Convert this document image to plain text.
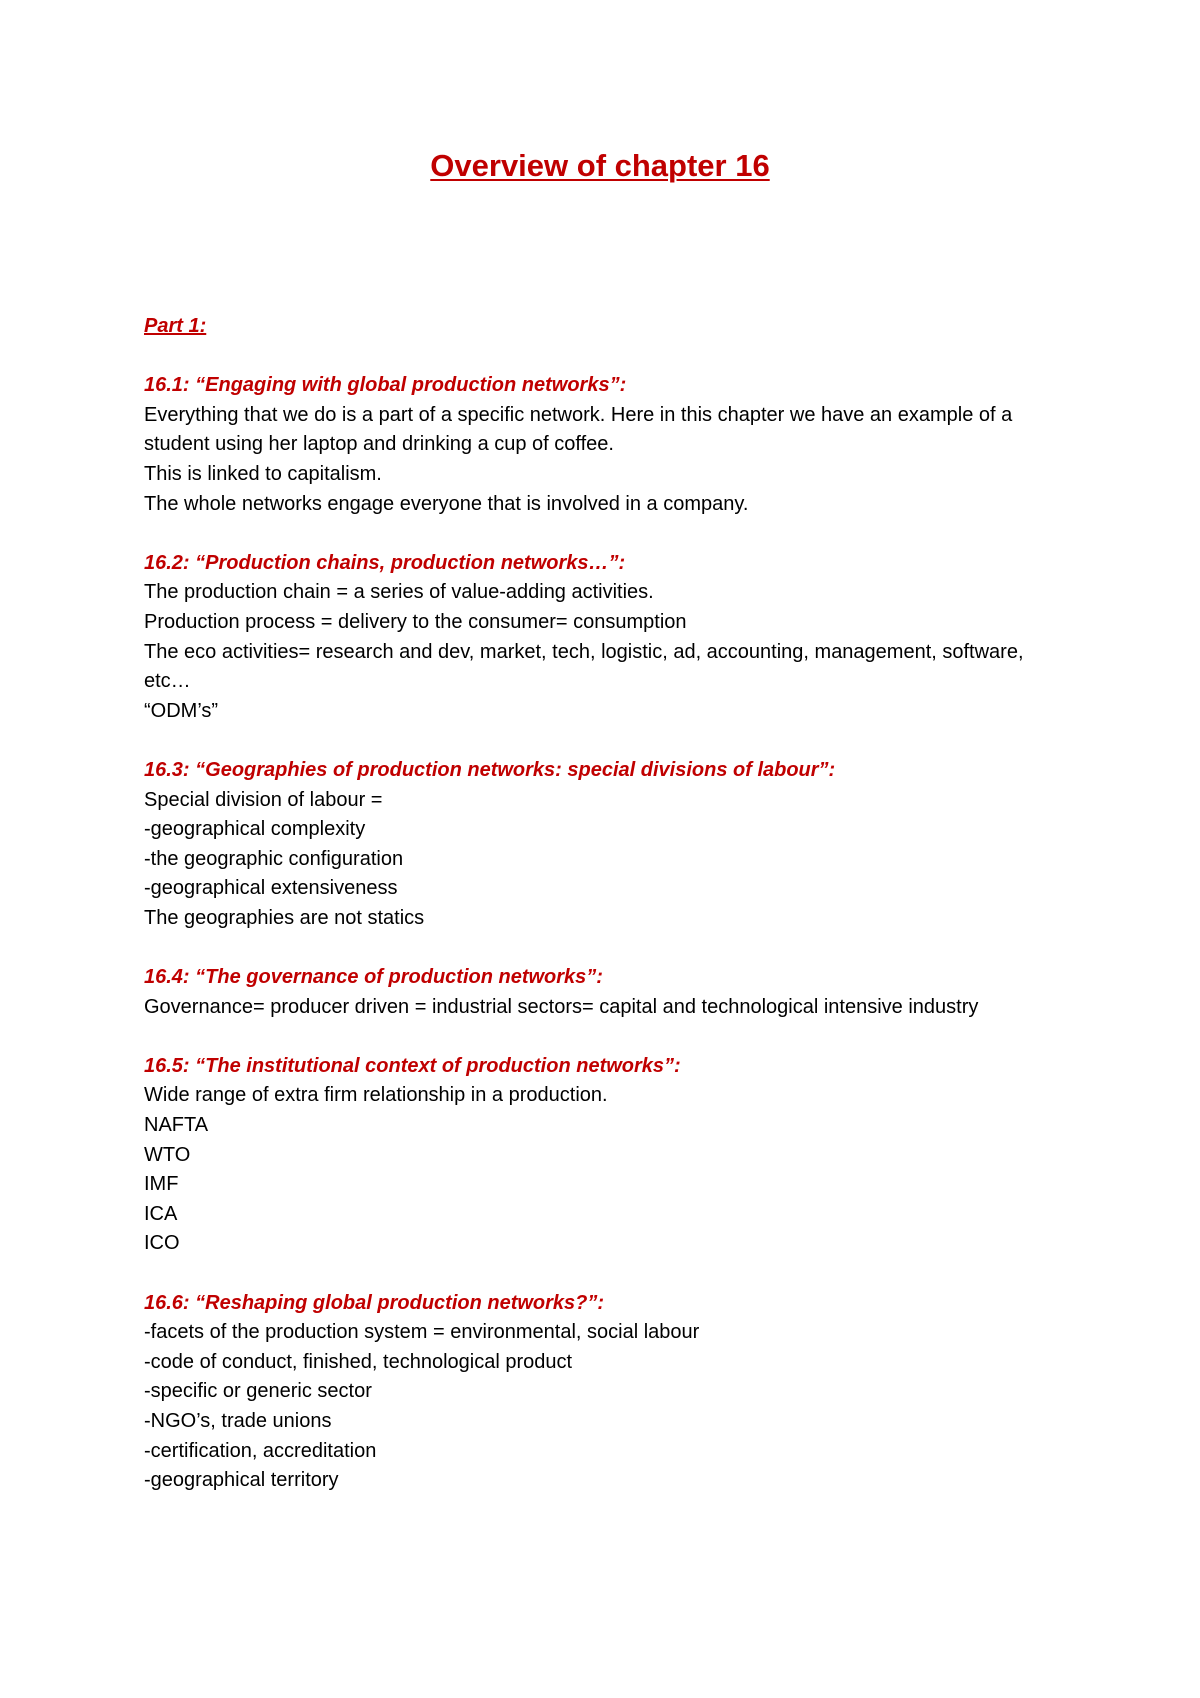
Overview of chapter 16
Part 1:
16.1: “Engaging with global production networks”:
Everything that we do is a part of a specific network. Here in this chapter we have an example of a student using her laptop and drinking a cup of coffee.
This is linked to capitalism.
The whole networks engage everyone that is involved in a company.
16.2: “Production chains, production networks…”:
The production chain = a series of value-adding activities.
Production process = delivery to the consumer= consumption
The eco activities= research and dev, market, tech, logistic, ad, accounting, management, software, etc…
“ODM’s”
16.3: “Geographies of production networks: special divisions of labour”:
Special division of labour =
-geographical complexity
-the geographic configuration
-geographical extensiveness
The geographies are not statics
16.4: “The governance of production networks”:
Governance= producer driven = industrial sectors= capital and technological intensive industry
16.5: “The institutional context of production networks”:
Wide range of extra firm relationship in a production.
NAFTA
WTO
IMF
ICA
ICO
16.6: “Reshaping global production networks?”:
-facets of the production system = environmental, social labour
-code of conduct, finished, technological product
-specific or generic sector
-NGO’s, trade unions
-certification, accreditation
-geographical territory
